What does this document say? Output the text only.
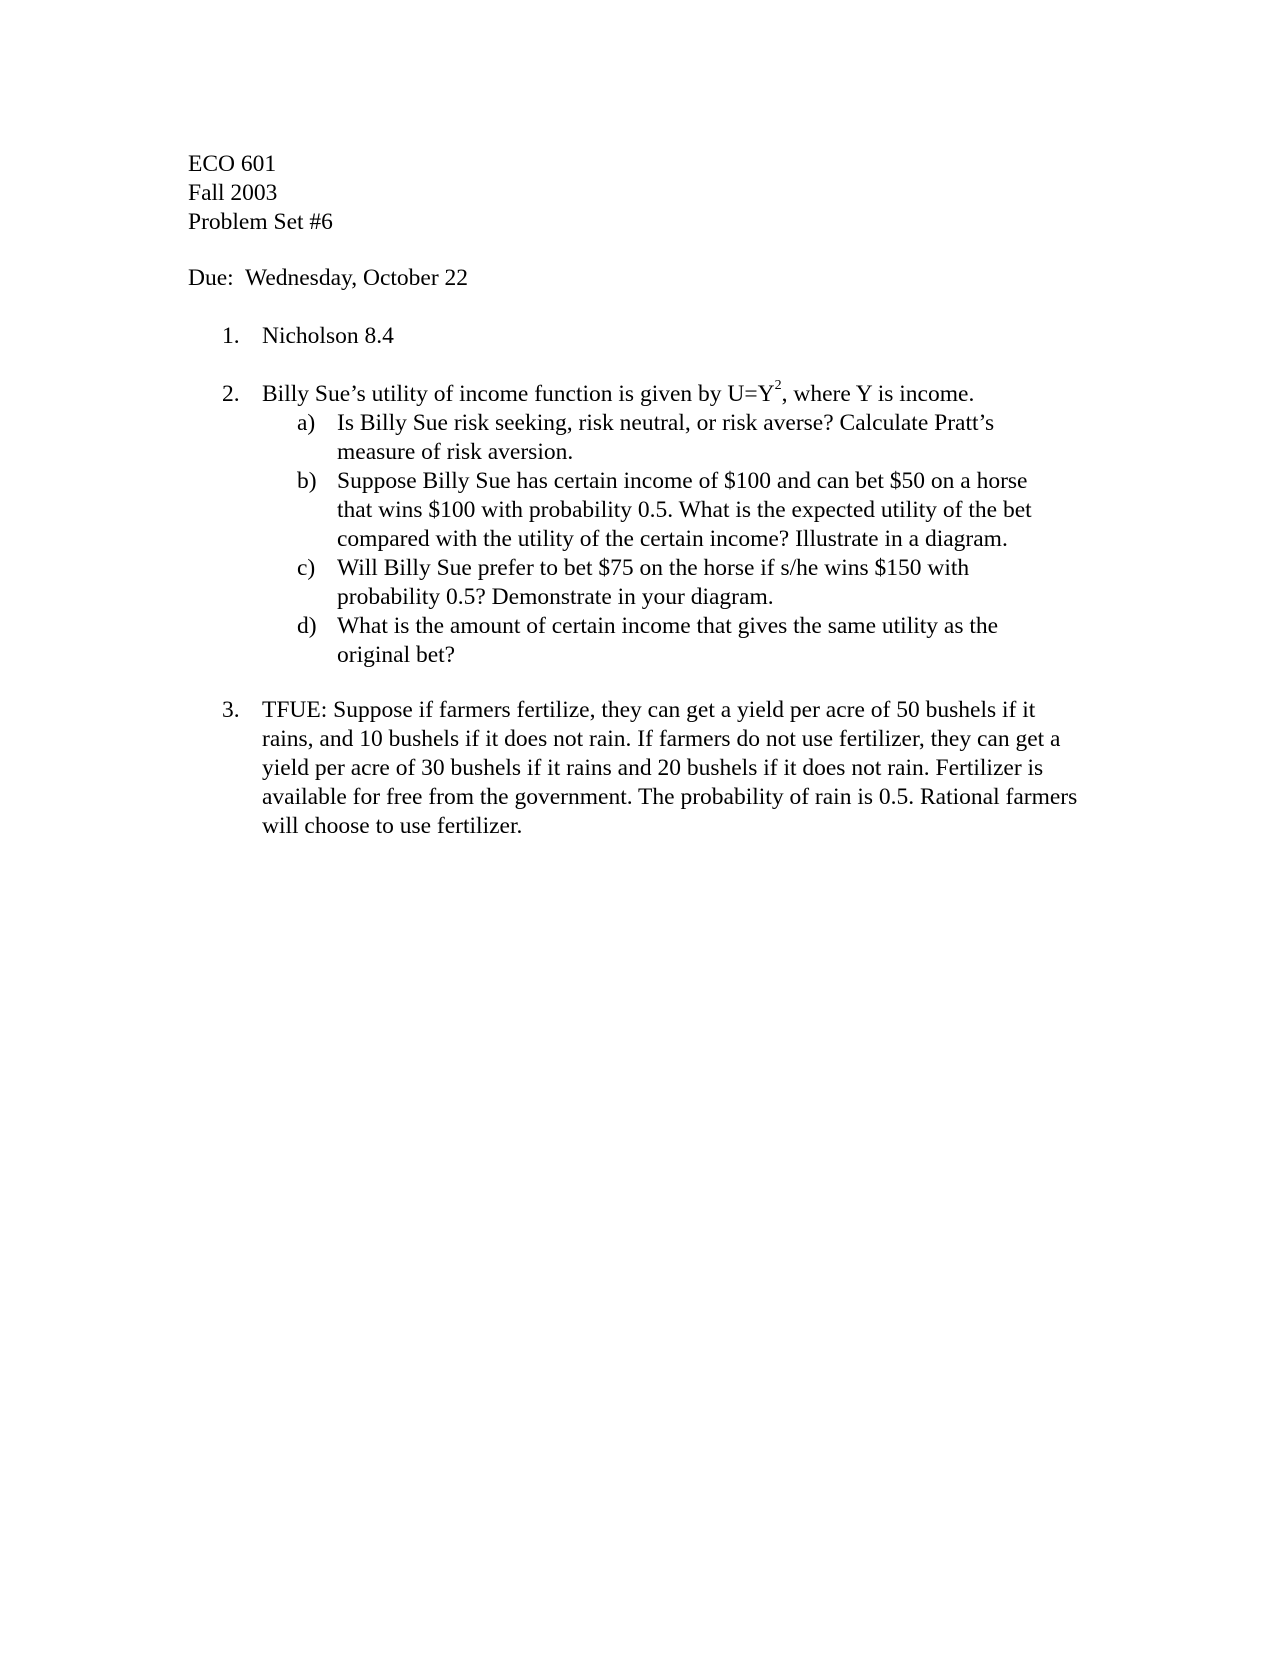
ECO 601
Fall 2003
Problem Set #6
Due: Wednesday, October 22
1. Nicholson 8.4
2. Billy Sue’s utility of income function is given by $U=Y^2$, where Y is income.
a) Is Billy Sue risk seeking, risk neutral, or risk averse? Calculate Pratt’s measure of risk aversion.
b) Suppose Billy Sue has certain income of $100 and can bet $50 on a horse that wins $100 with probability 0.5. What is the expected utility of the bet compared with the utility of the certain income? Illustrate in a diagram.
c) Will Billy Sue prefer to bet $75 on the horse if s/he wins $150 with probability 0.5? Demonstrate in your diagram.
d) What is the amount of certain income that gives the same utility as the original bet?
3. TFUE: Suppose if farmers fertilize, they can get a yield per acre of 50 bushels if it rains, and 10 bushels if it does not rain. If farmers do not use fertilizer, they can get a yield per acre of 30 bushels if it rains and 20 bushels if it does not rain. Fertilizer is available for free from the government. The probability of rain is 0.5. Rational farmers will choose to use fertilizer.
